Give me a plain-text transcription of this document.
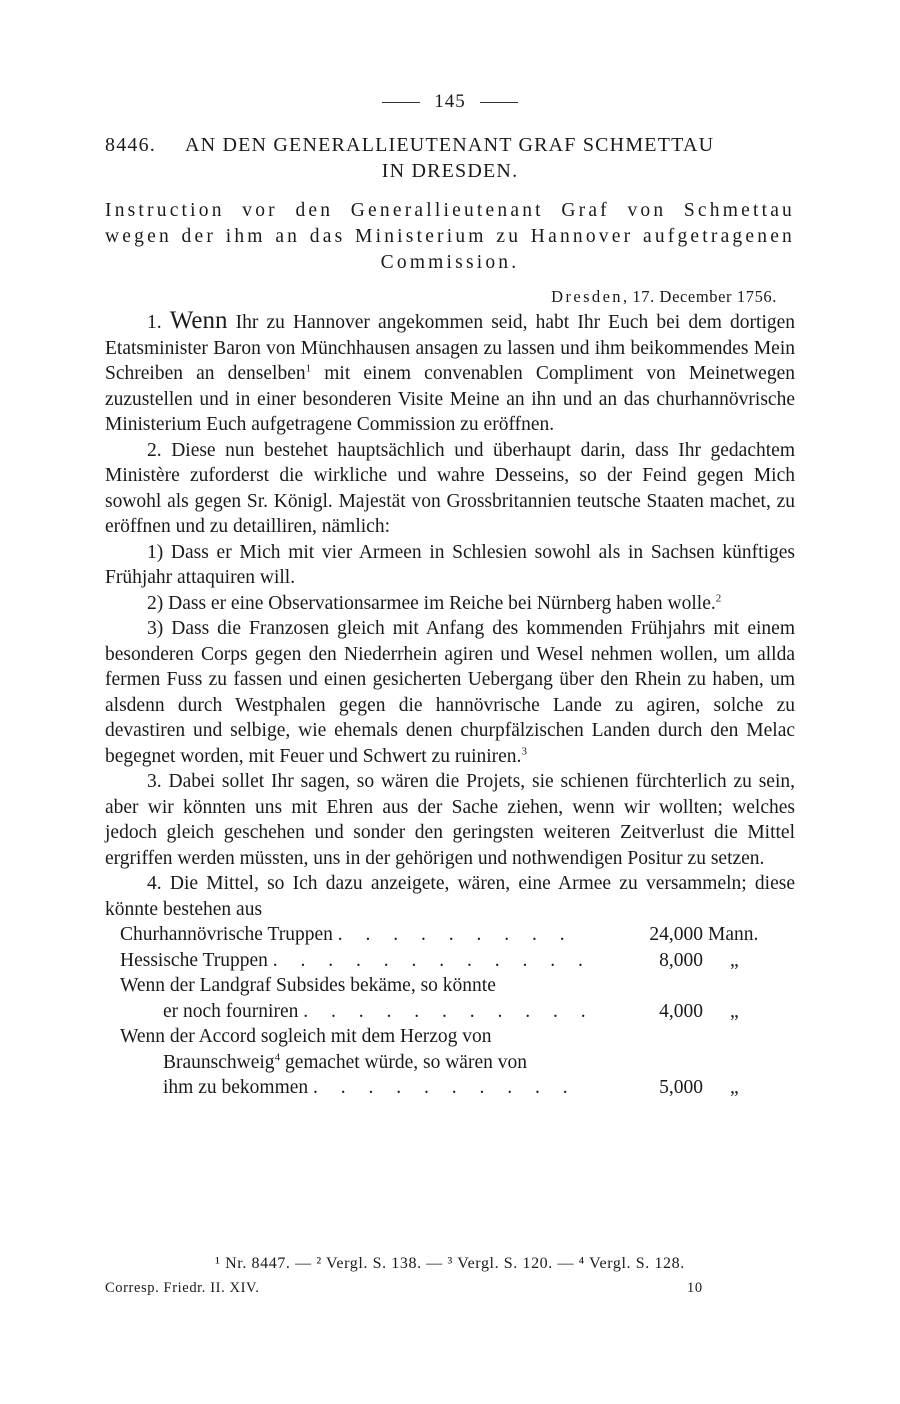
145
8446. AN DEN GENERALLIEUTENANT GRAF SCHMETTAU
IN DRESDEN.
Instruction vor den Generallieutenant Graf von Schmettau wegen der ihm an das Ministerium zu Hannover aufgetragenen Commission.
Dresden, 17. December 1756.

1. Wenn Ihr zu Hannover angekommen seid, habt Ihr Euch bei dem dortigen Etatsminister Baron von Münchhausen ansagen zu lassen und ihm beikommendes Mein Schreiben an denselben$^1$ mit einem convenablen Compliment von Meinetwegen zuzustellen und in einer besonderen Visite Meine an ihn und an das churhannövrische Ministerium Euch aufgetragene Commission zu eröffnen.

2. Diese nun bestehet hauptsächlich und überhaupt darin, dass Ihr gedachtem Ministère zuforderst die wirkliche und wahre Desseins, so der Feind gegen Mich sowohl als gegen Sr. Königl. Majestät von Grossbritannien teutsche Staaten machet, zu eröffnen und zu detailliren, nämlich:

1) Dass er Mich mit vier Armeen in Schlesien sowohl als in Sachsen künftiges Frühjahr attaquiren will.

2) Dass er eine Observationsarmee im Reiche bei Nürnberg haben wolle.$^2$

3) Dass die Franzosen gleich mit Anfang des kommenden Frühjahrs mit einem besonderen Corps gegen den Niederrhein agiren und Wesel nehmen wollen, um allda fermen Fuss zu fassen und einen gesicherten Uebergang über den Rhein zu haben, um alsdenn durch Westphalen gegen die hannövrische Lande zu agiren, solche zu devastiren und selbige, wie ehemals denen churpfälzischen Landen durch den Melac begegnet worden, mit Feuer und Schwert zu ruiniren.$^3$

3. Dabei sollet Ihr sagen, so wären die Projets, sie schienen fürchterlich zu sein, aber wir könnten uns mit Ehren aus der Sache ziehen, wenn wir wollten; welches jedoch gleich geschehen und sonder den geringsten weiteren Zeitverlust die Mittel ergriffen werden müssten, uns in der gehörigen und nothwendigen Positur zu setzen.

4. Die Mittel, so Ich dazu anzeigete, wären, eine Armee zu versammeln; diese könnte bestehen aus

Churhannövrische Truppen . . . . . . . . .	24,000 Mann.
Hessische Truppen . . . . . . . . . . . .	8,000 „
Wenn der Landgraf Subsides bekäme, so könnte
er noch fourniren . . . . . . . . . . .	4,000 „
Wenn der Accord sogleich mit dem Herzog von
Braunschweig$^4$ gemachet würde, so wären von
ihm zu bekommen . . . . . . . . . .	5,000 „
¹ Nr. 8447. — ² Vergl. S. 138. — ³ Vergl. S. 120. — ⁴ Vergl. S. 128.
Corresp. Friedr. II. XIV.	10
